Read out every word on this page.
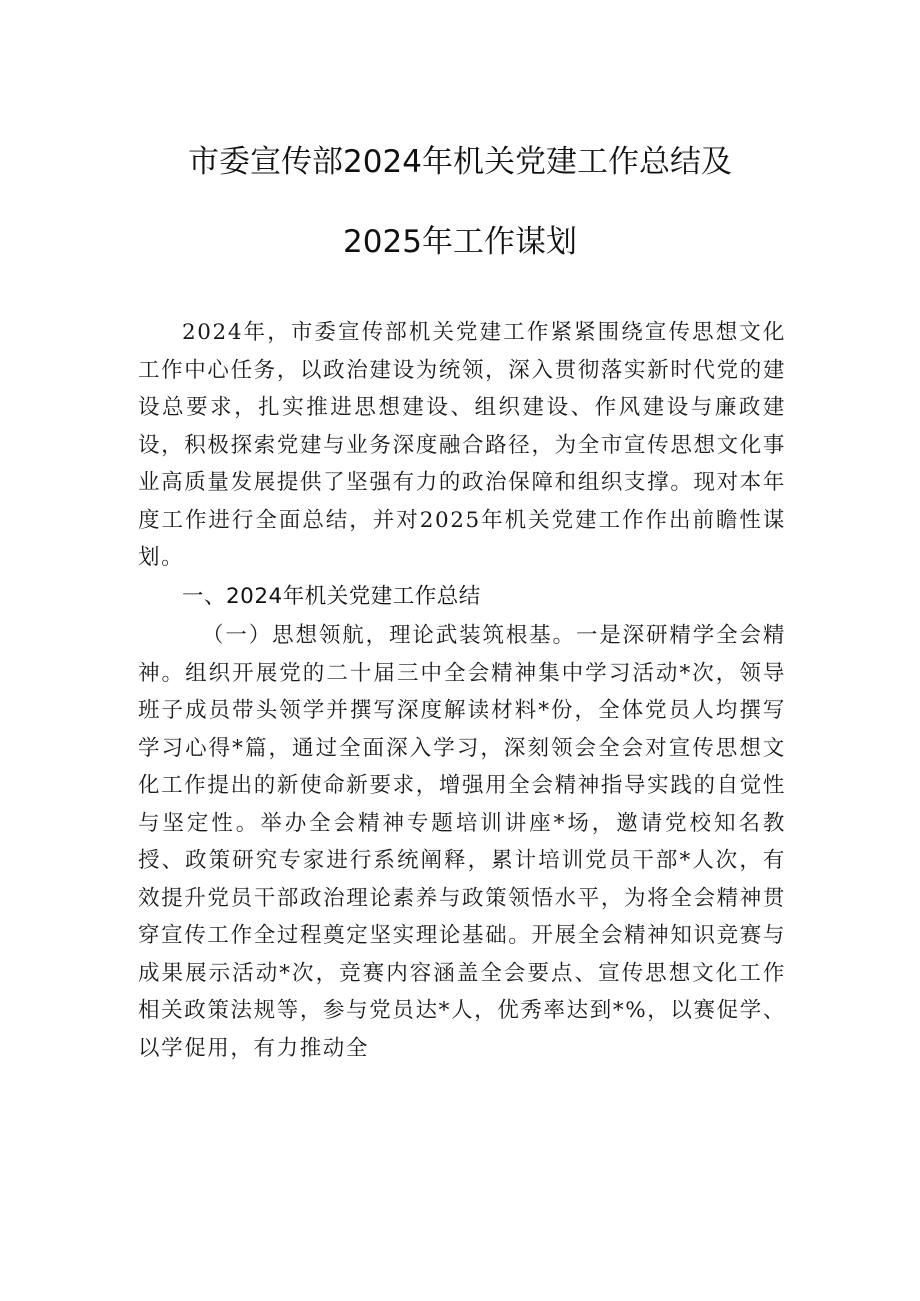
市委宣传部2024年机关党建工作总结及
2025年工作谋划

2024年，市委宣传部机关党建工作紧紧围绕宣传思想文化工作中心任务，以政治建设为统领，深入贯彻落实新时代党的建设总要求，扎实推进思想建设、组织建设、作风建设与廉政建设，积极探索党建与业务深度融合路径，为全市宣传思想文化事业高质量发展提供了坚强有力的政治保障和组织支撑。现对本年度工作进行全面总结，并对2025年机关党建工作作出前瞻性谋划。

一、2024年机关党建工作总结

（一）思想领航，理论武装筑根基。一是深研精学全会精神。组织开展党的二十届三中全会精神集中学习活动*次，领导班子成员带头领学并撰写深度解读材料*份，全体党员人均撰写学习心得*篇，通过全面深入学习，深刻领会全会对宣传思想文化工作提出的新使命新要求，增强用全会精神指导实践的自觉性与坚定性。举办全会精神专题培训讲座*场，邀请党校知名教授、政策研究专家进行系统阐释，累计培训党员干部*人次，有效提升党员干部政治理论素养与政策领悟水平，为将全会精神贯穿宣传工作全过程奠定坚实理论基础。开展全会精神知识竞赛与成果展示活动*次，竞赛内容涵盖全会要点、宣传思想文化工作相关政策法规等，参与党员达*人，优秀率达到*%，以赛促学、以学促用，有力推动全
